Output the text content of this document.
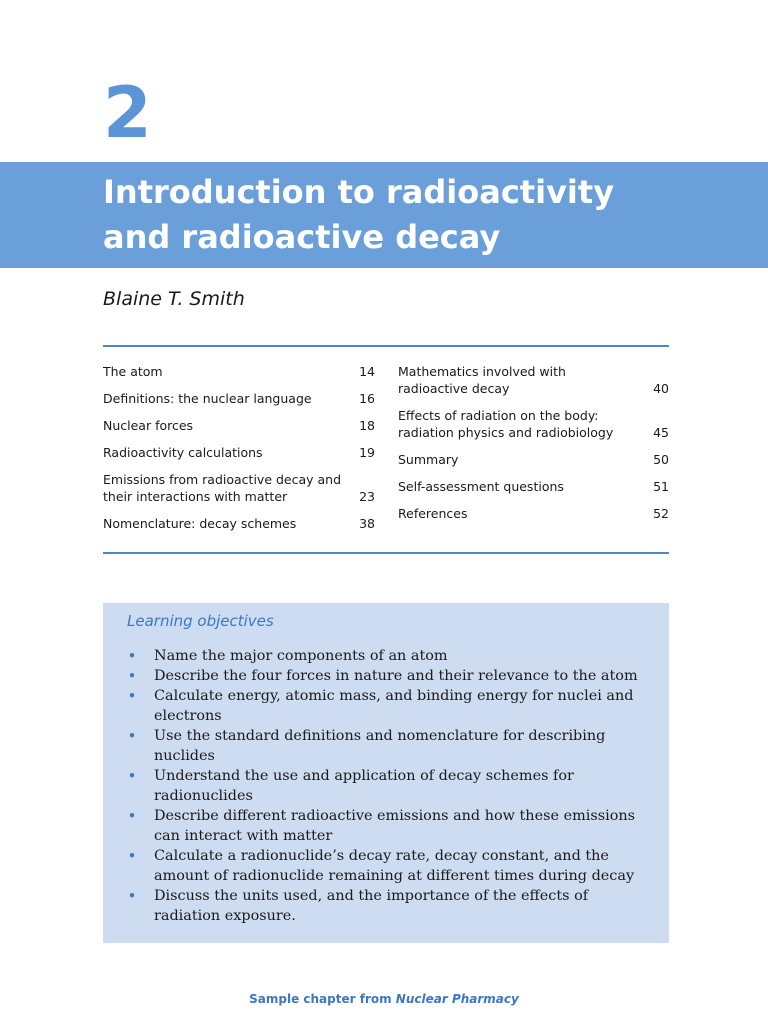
2
Introduction to radioactivity
and radioactive decay
Blaine T. Smith
The atom	14
Definitions: the nuclear language	16
Nuclear forces	18
Radioactivity calculations	19
Emissions from radioactive decay and their interactions with matter	23
Nomenclature: decay schemes	38
Mathematics involved with radioactive decay	40
Effects of radiation on the body: radiation physics and radiobiology	45
Summary	50
Self-assessment questions	51
References	52
Learning objectives
• Name the major components of an atom
• Describe the four forces in nature and their relevance to the atom
• Calculate energy, atomic mass, and binding energy for nuclei and electrons
• Use the standard definitions and nomenclature for describing nuclides
• Understand the use and application of decay schemes for radionuclides
• Describe different radioactive emissions and how these emissions can interact with matter
• Calculate a radionuclide’s decay rate, decay constant, and the amount of radionuclide remaining at different times during decay
• Discuss the units used, and the importance of the effects of radiation exposure.
Sample chapter from Nuclear Pharmacy
